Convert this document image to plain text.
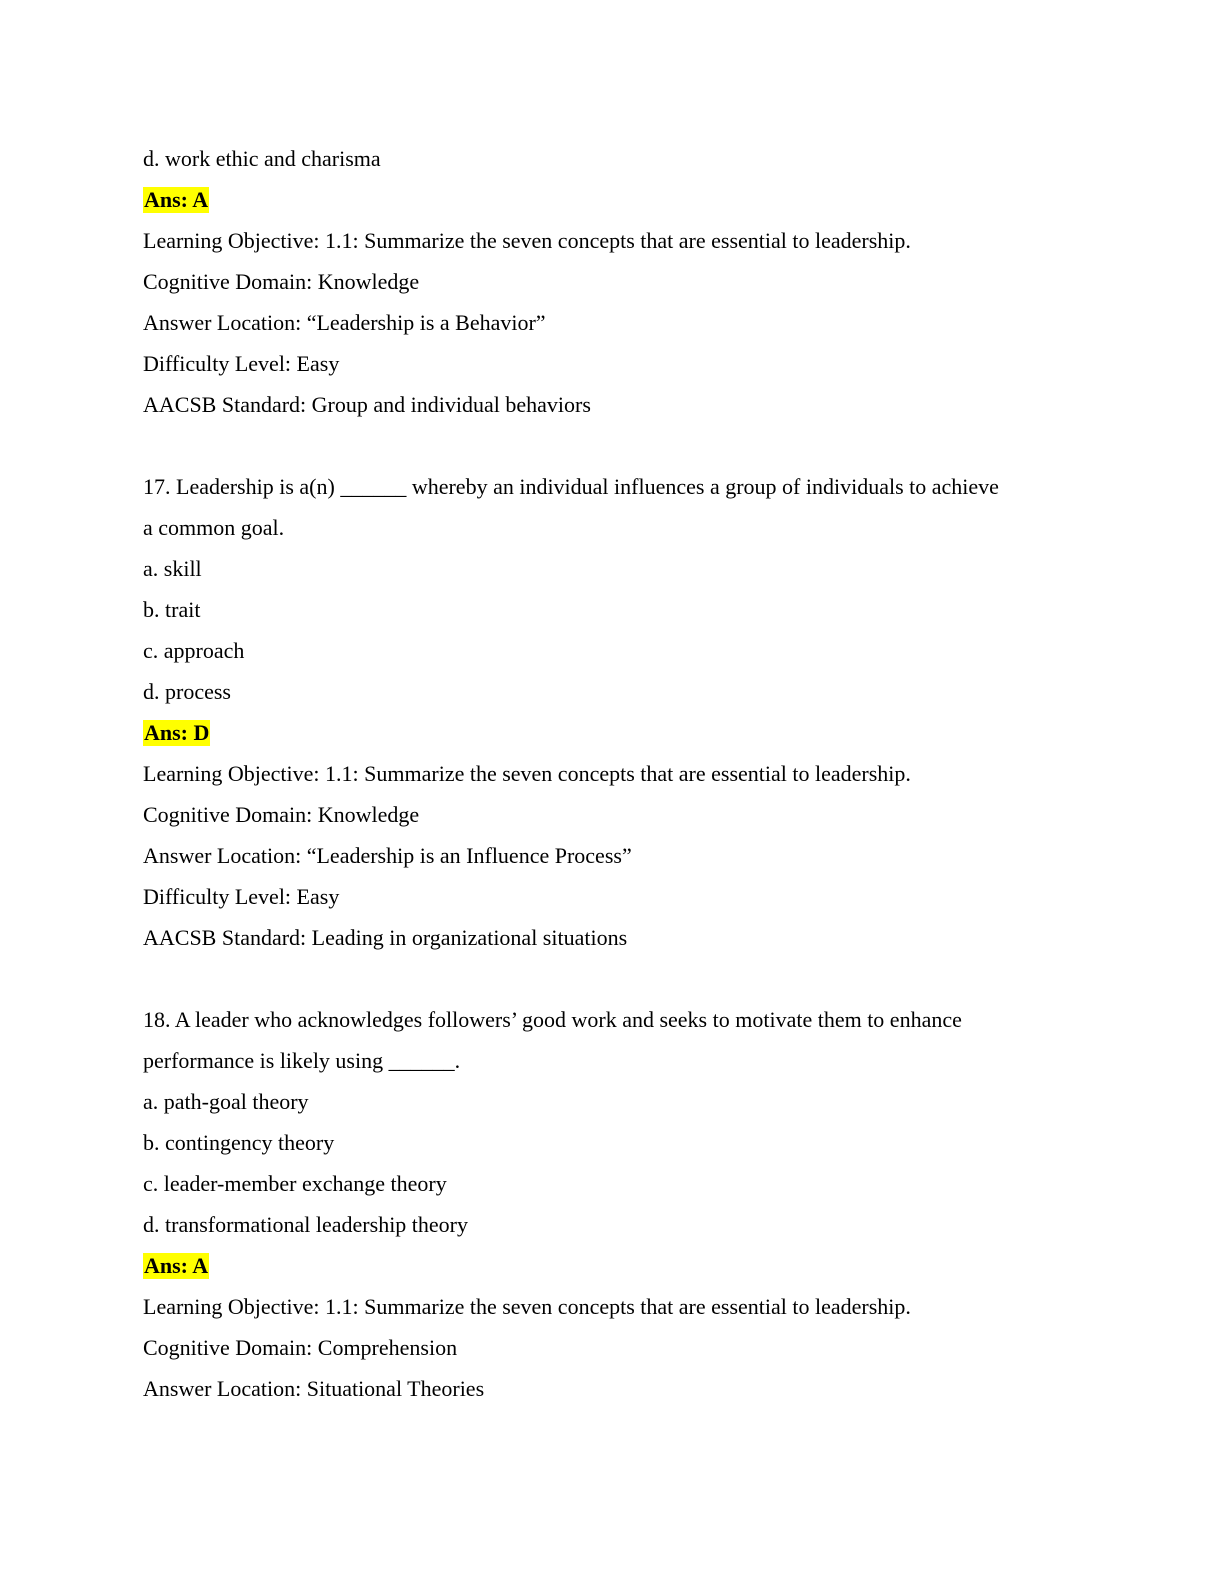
d. work ethic and charisma
Ans: A
Learning Objective: 1.1: Summarize the seven concepts that are essential to leadership.
Cognitive Domain: Knowledge
Answer Location: “Leadership is a Behavior”
Difficulty Level: Easy
AACSB Standard: Group and individual behaviors
17. Leadership is a(n) ______ whereby an individual influences a group of individuals to achieve
a common goal.
a. skill
b. trait
c. approach
d. process
Ans: D
Learning Objective: 1.1: Summarize the seven concepts that are essential to leadership.
Cognitive Domain: Knowledge
Answer Location: “Leadership is an Influence Process”
Difficulty Level: Easy
AACSB Standard: Leading in organizational situations
18. A leader who acknowledges followers’ good work and seeks to motivate them to enhance
performance is likely using ______.
a. path-goal theory
b. contingency theory
c. leader-member exchange theory
d. transformational leadership theory
Ans: A
Learning Objective: 1.1: Summarize the seven concepts that are essential to leadership.
Cognitive Domain: Comprehension
Answer Location: Situational Theories
